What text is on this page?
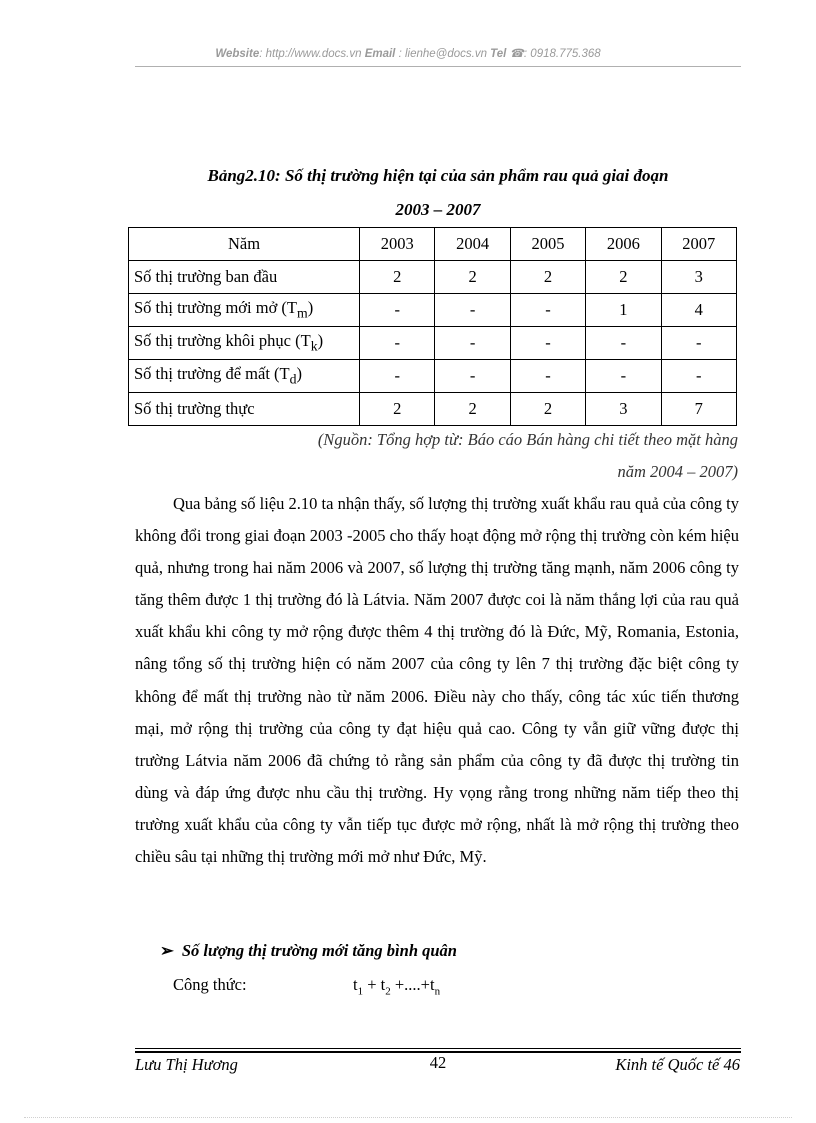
Website: http://www.docs.vn Email : lienhe@docs.vn Tel ☎: 0918.775.368
Bảng2.10: Số thị trường hiện tại của sản phẩm rau quả giai đoạn
2003 – 2007
Năm	2003	2004	2005	2006	2007
Số thị trường ban đầu	2	2	2	2	3
Số thị trường mới mở $(T_m)$	-	-	-	1	4
Số thị trường khôi phục $(T_k)$	-	-	-	-	-
Số thị trường để mất $(T_d)$	-	-	-	-	-
Số thị trường thực	2	2	2	3	7
(Nguồn: Tổng hợp từ: Báo cáo Bán hàng chi tiết theo mặt hàng
năm 2004 – 2007)

Qua bảng số liệu 2.10 ta nhận thấy, số lượng thị trường xuất khẩu rau quả của công ty không đổi trong giai đoạn 2003 -2005 cho thấy hoạt động mở rộng thị trường còn kém hiệu quả, nhưng trong hai năm 2006 và 2007, số lượng thị trường tăng mạnh, năm 2006 công ty tăng thêm được 1 thị trường đó là Látvia. Năm 2007 được coi là năm thắng lợi của rau quả xuất khẩu khi công ty mở rộng được thêm 4 thị trường đó là Đức, Mỹ, Romania, Estonia, nâng tổng số thị trường hiện có năm 2007 của công ty lên 7 thị trường đặc biệt công ty không để mất thị trường nào từ năm 2006. Điều này cho thấy, công tác xúc tiến thương mại, mở rộng thị trường của công ty đạt hiệu quả cao. Công ty vẫn giữ vững được thị trường Látvia năm 2006 đã chứng tỏ rằng sản phẩm của công ty đã được thị trường tin dùng và đáp ứng được nhu cầu thị trường. Hy vọng rằng trong những năm tiếp theo thị trường xuất khẩu của công ty vẫn tiếp tục được mở rộng, nhất là mở rộng thị trường theo chiều sâu tại những thị trường mới mở như Đức, Mỹ.

➢ Số lượng thị trường mới tăng bình quân
Công thức:	$t_1 + t_2 +....+t_n$
Lưu Thị Hương	42	Kinh tế Quốc tế 46
